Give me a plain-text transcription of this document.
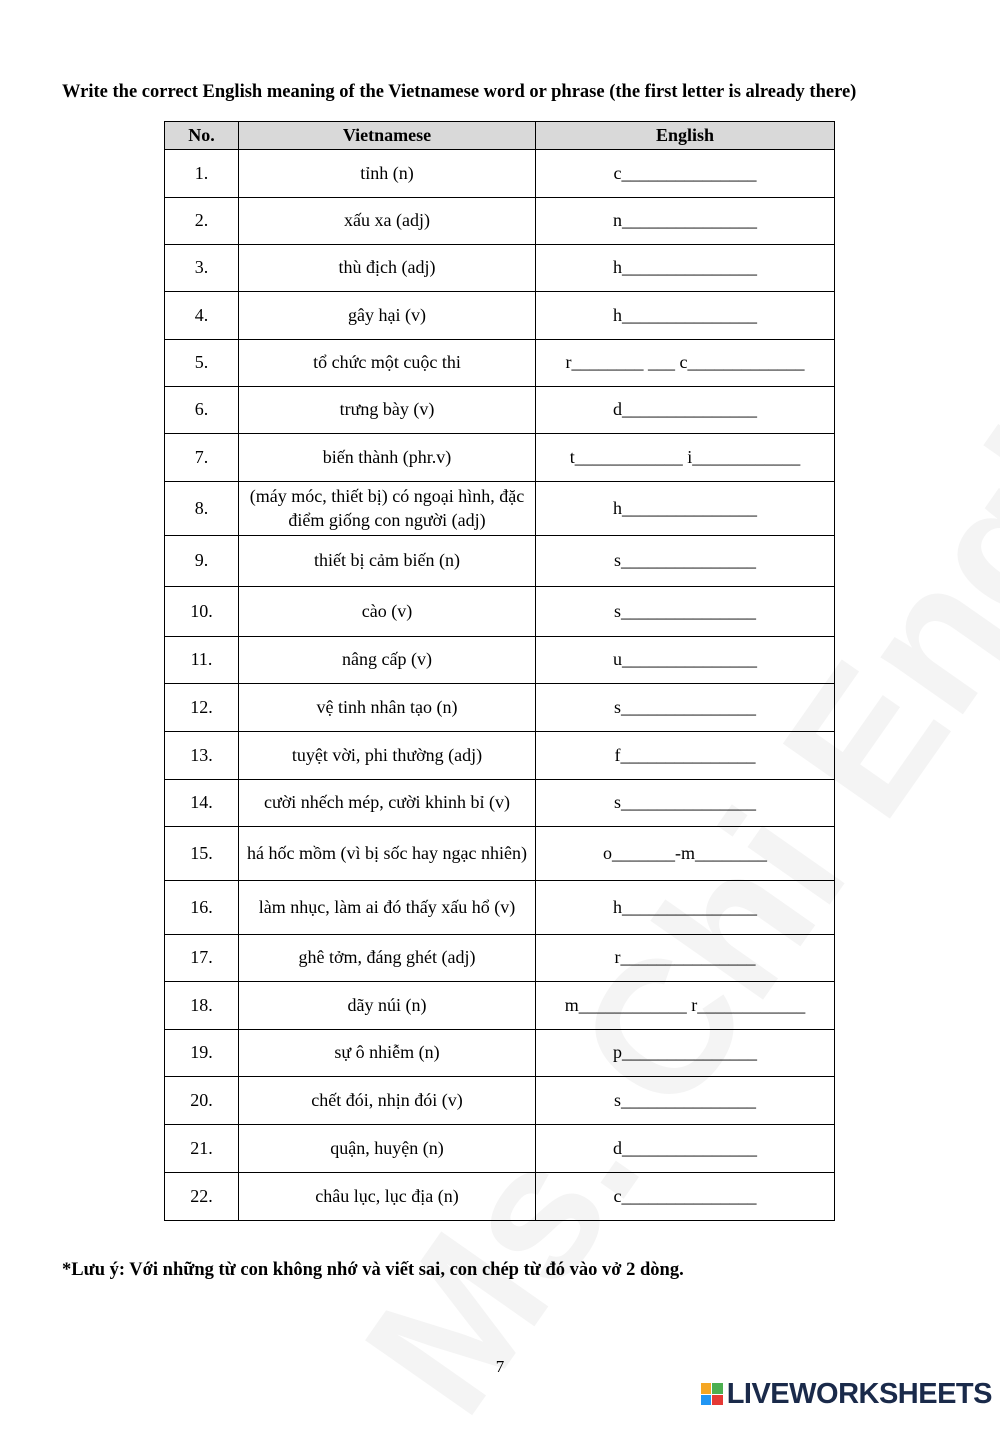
Write the correct English meaning of the Vietnamese word or phrase (the first letter is already there)
No.	Vietnamese	English
1.	tỉnh (n)	c_______________
2.	xấu xa (adj)	n_______________
3.	thù địch (adj)	h_______________
4.	gây hại (v)	h_______________
5.	tổ chức một cuộc thi	r________ ___ c_____________
6.	trưng bày (v)	d_______________
7.	biến thành (phr.v)	t____________ i____________
8.	(máy móc, thiết bị) có ngoại hình, đặc điểm giống con người (adj)	h_______________
9.	thiết bị cảm biến (n)	s_______________
10.	cào (v)	s_______________
11.	nâng cấp (v)	u_______________
12.	vệ tinh nhân tạo (n)	s_______________
13.	tuyệt vời, phi thường (adj)	f_______________
14.	cười nhếch mép, cười khinh bỉ (v)	s_______________
15.	há hốc mồm (vì bị sốc hay ngạc nhiên)	o_______-m________
16.	làm nhục, làm ai đó thấy xấu hổ (v)	h_______________
17.	ghê tởm, đáng ghét (adj)	r_______________
18.	dãy núi (n)	m____________ r____________
19.	sự ô nhiễm (n)	p_______________
20.	chết đói, nhịn đói (v)	s_______________
21.	quận, huyện (n)	d_______________
22.	châu lục, lục địa (n)	c_______________
*Lưu ý: Với những từ con không nhớ và viết sai, con chép từ đó vào vở 2 dòng.
7
LIVEWORKSHEETS
